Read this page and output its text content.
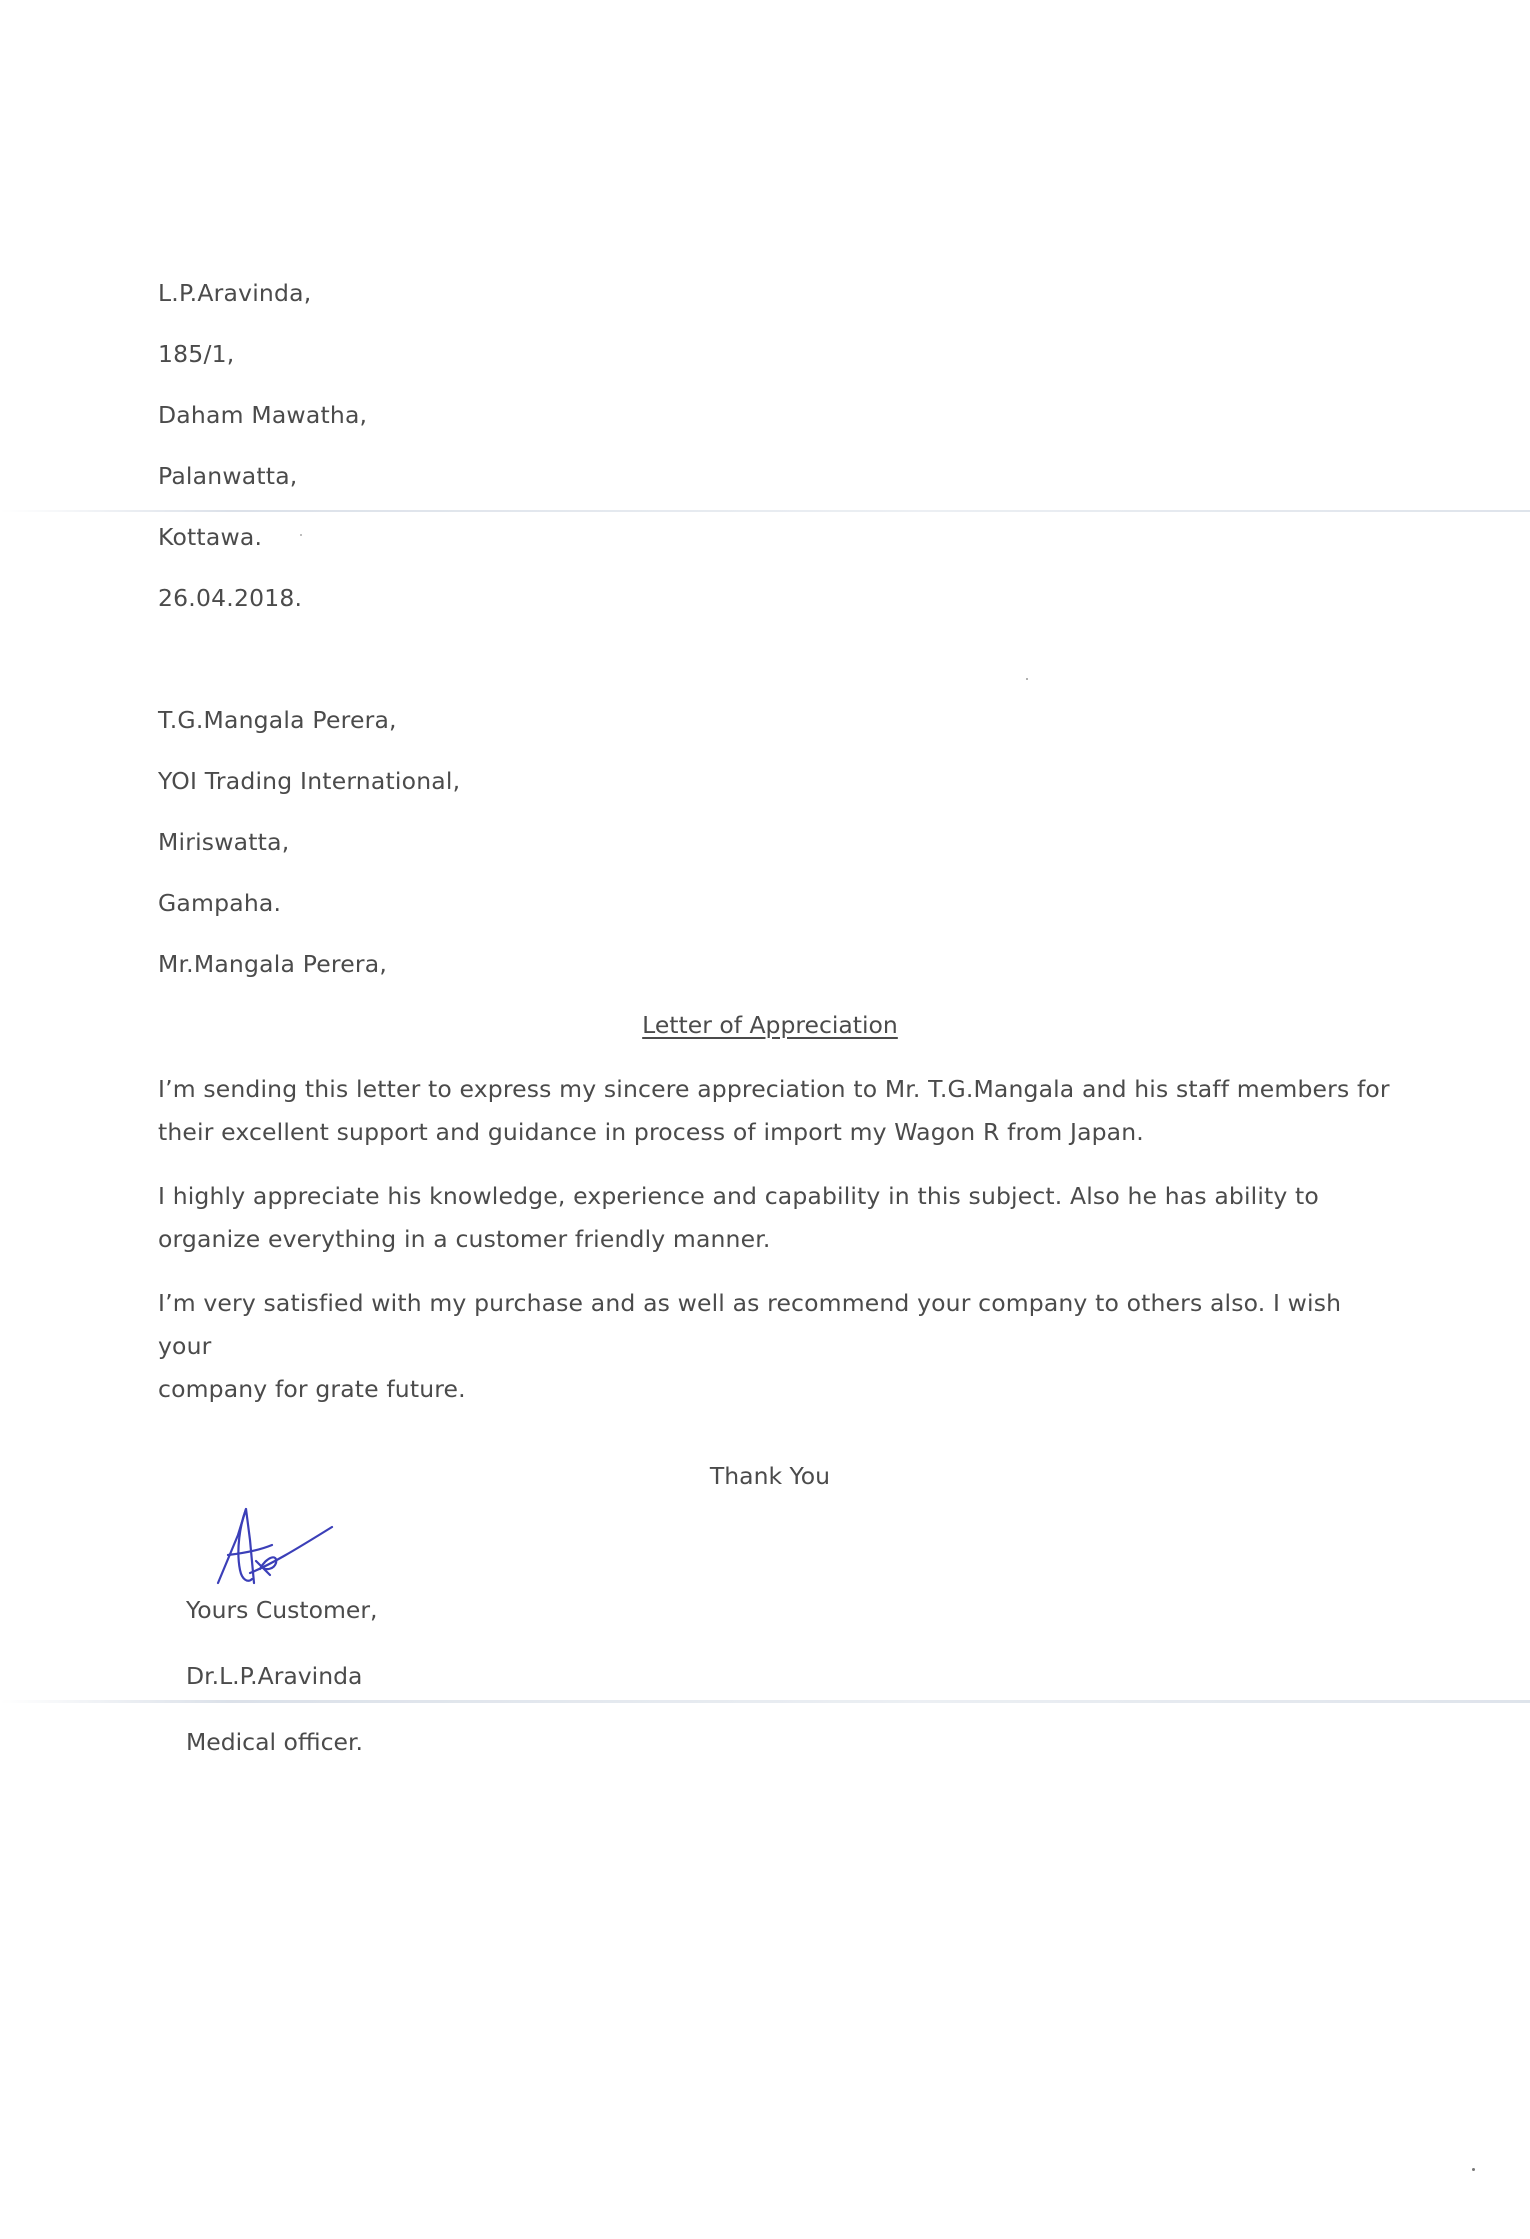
L.P.Aravinda,
185/1,
Daham Mawatha,
Palanwatta,
Kottawa.
26.04.2018.
T.G.Mangala Perera,
YOI Trading International,
Miriswatta,
Gampaha.
Mr.Mangala Perera,
Letter of Appreciation
I’m sending this letter to express my sincere appreciation to Mr. T.G.Mangala and his staff members for
their excellent support and guidance in process of import my Wagon R from Japan.
I highly appreciate his knowledge, experience and capability in this subject. Also he has ability to
organize everything in a customer friendly manner.
I’m very satisfied with my purchase and as well as recommend your company to others also. I wish your
company for grate future.
Thank You
Yours Customer,
Dr.L.P.Aravinda
Medical officer.
